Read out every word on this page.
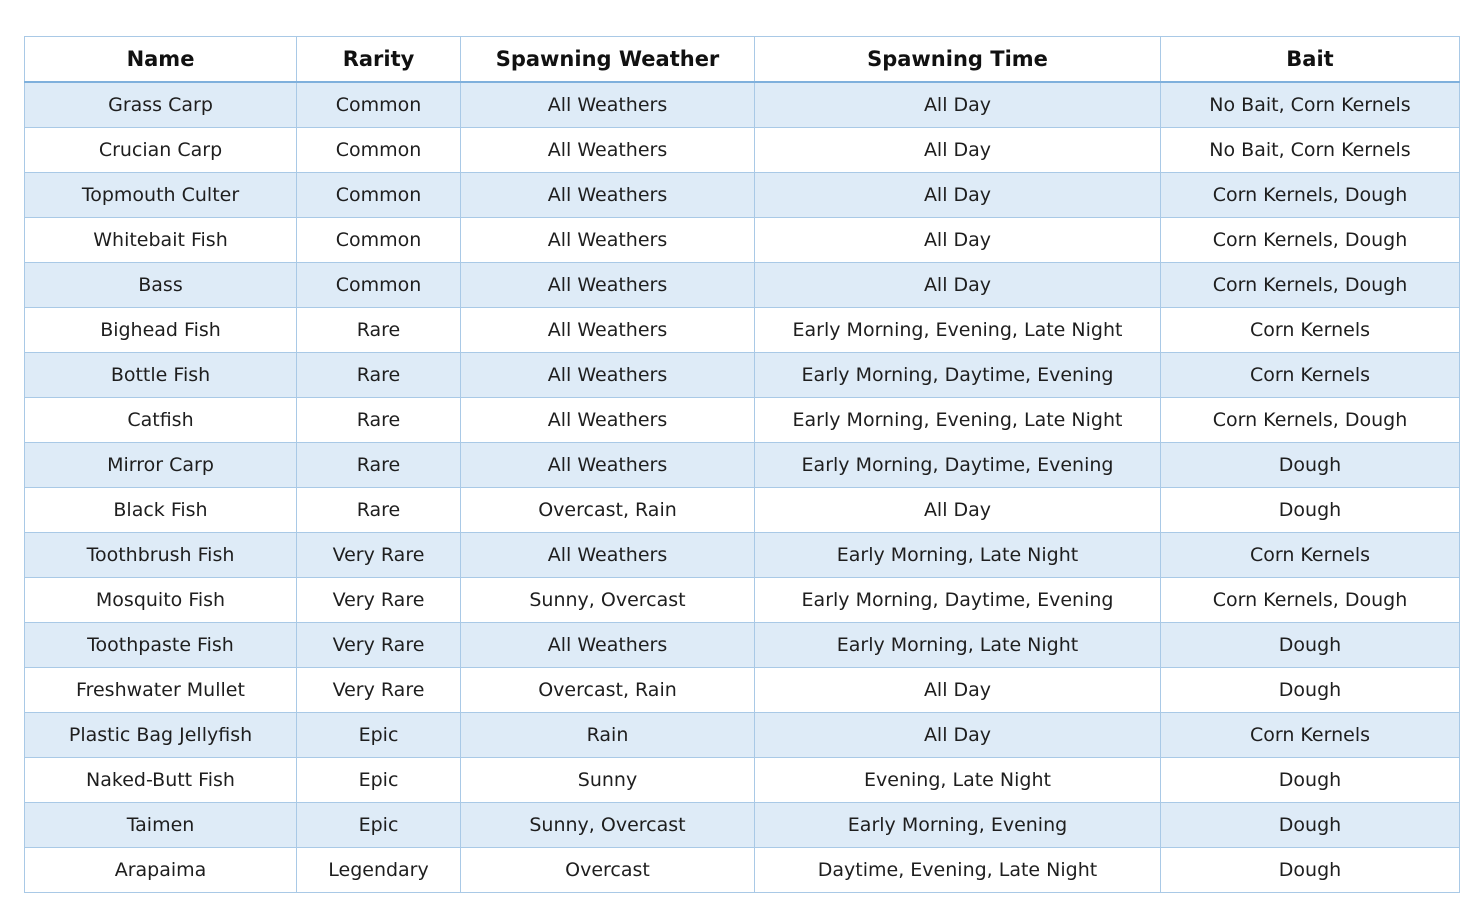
Name	Rarity	Spawning Weather	Spawning Time	Bait
Grass Carp	Common	All Weathers	All Day	No Bait, Corn Kernels
Crucian Carp	Common	All Weathers	All Day	No Bait, Corn Kernels
Topmouth Culter	Common	All Weathers	All Day	Corn Kernels, Dough
Whitebait Fish	Common	All Weathers	All Day	Corn Kernels, Dough
Bass	Common	All Weathers	All Day	Corn Kernels, Dough
Bighead Fish	Rare	All Weathers	Early Morning, Evening, Late Night	Corn Kernels
Bottle Fish	Rare	All Weathers	Early Morning, Daytime, Evening	Corn Kernels
Catfish	Rare	All Weathers	Early Morning, Evening, Late Night	Corn Kernels, Dough
Mirror Carp	Rare	All Weathers	Early Morning, Daytime, Evening	Dough
Black Fish	Rare	Overcast, Rain	All Day	Dough
Toothbrush Fish	Very Rare	All Weathers	Early Morning, Late Night	Corn Kernels
Mosquito Fish	Very Rare	Sunny, Overcast	Early Morning, Daytime, Evening	Corn Kernels, Dough
Toothpaste Fish	Very Rare	All Weathers	Early Morning, Late Night	Dough
Freshwater Mullet	Very Rare	Overcast, Rain	All Day	Dough
Plastic Bag Jellyfish	Epic	Rain	All Day	Corn Kernels
Naked-Butt Fish	Epic	Sunny	Evening, Late Night	Dough
Taimen	Epic	Sunny, Overcast	Early Morning, Evening	Dough
Arapaima	Legendary	Overcast	Daytime, Evening, Late Night	Dough
